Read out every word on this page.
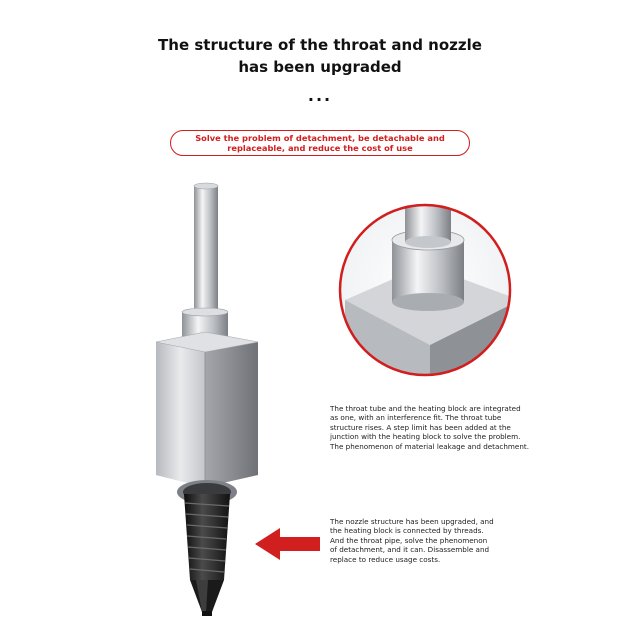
The structure of the throat and nozzle
has been upgraded
...
Solve the problem of detachment, be detachable and
replaceable, and reduce the cost of use
The throat tube and the heating block are integrated
as one, with an interference fit. The throat tube
structure rises. A step limit has been added at the
junction with the heating block to solve the problem.
The phenomenon of material leakage and detachment.
The nozzle structure has been upgraded, and
the heating block is connected by threads.
And the throat pipe, solve the phenomenon
of detachment, and it can. Disassemble and
replace to reduce usage costs.
